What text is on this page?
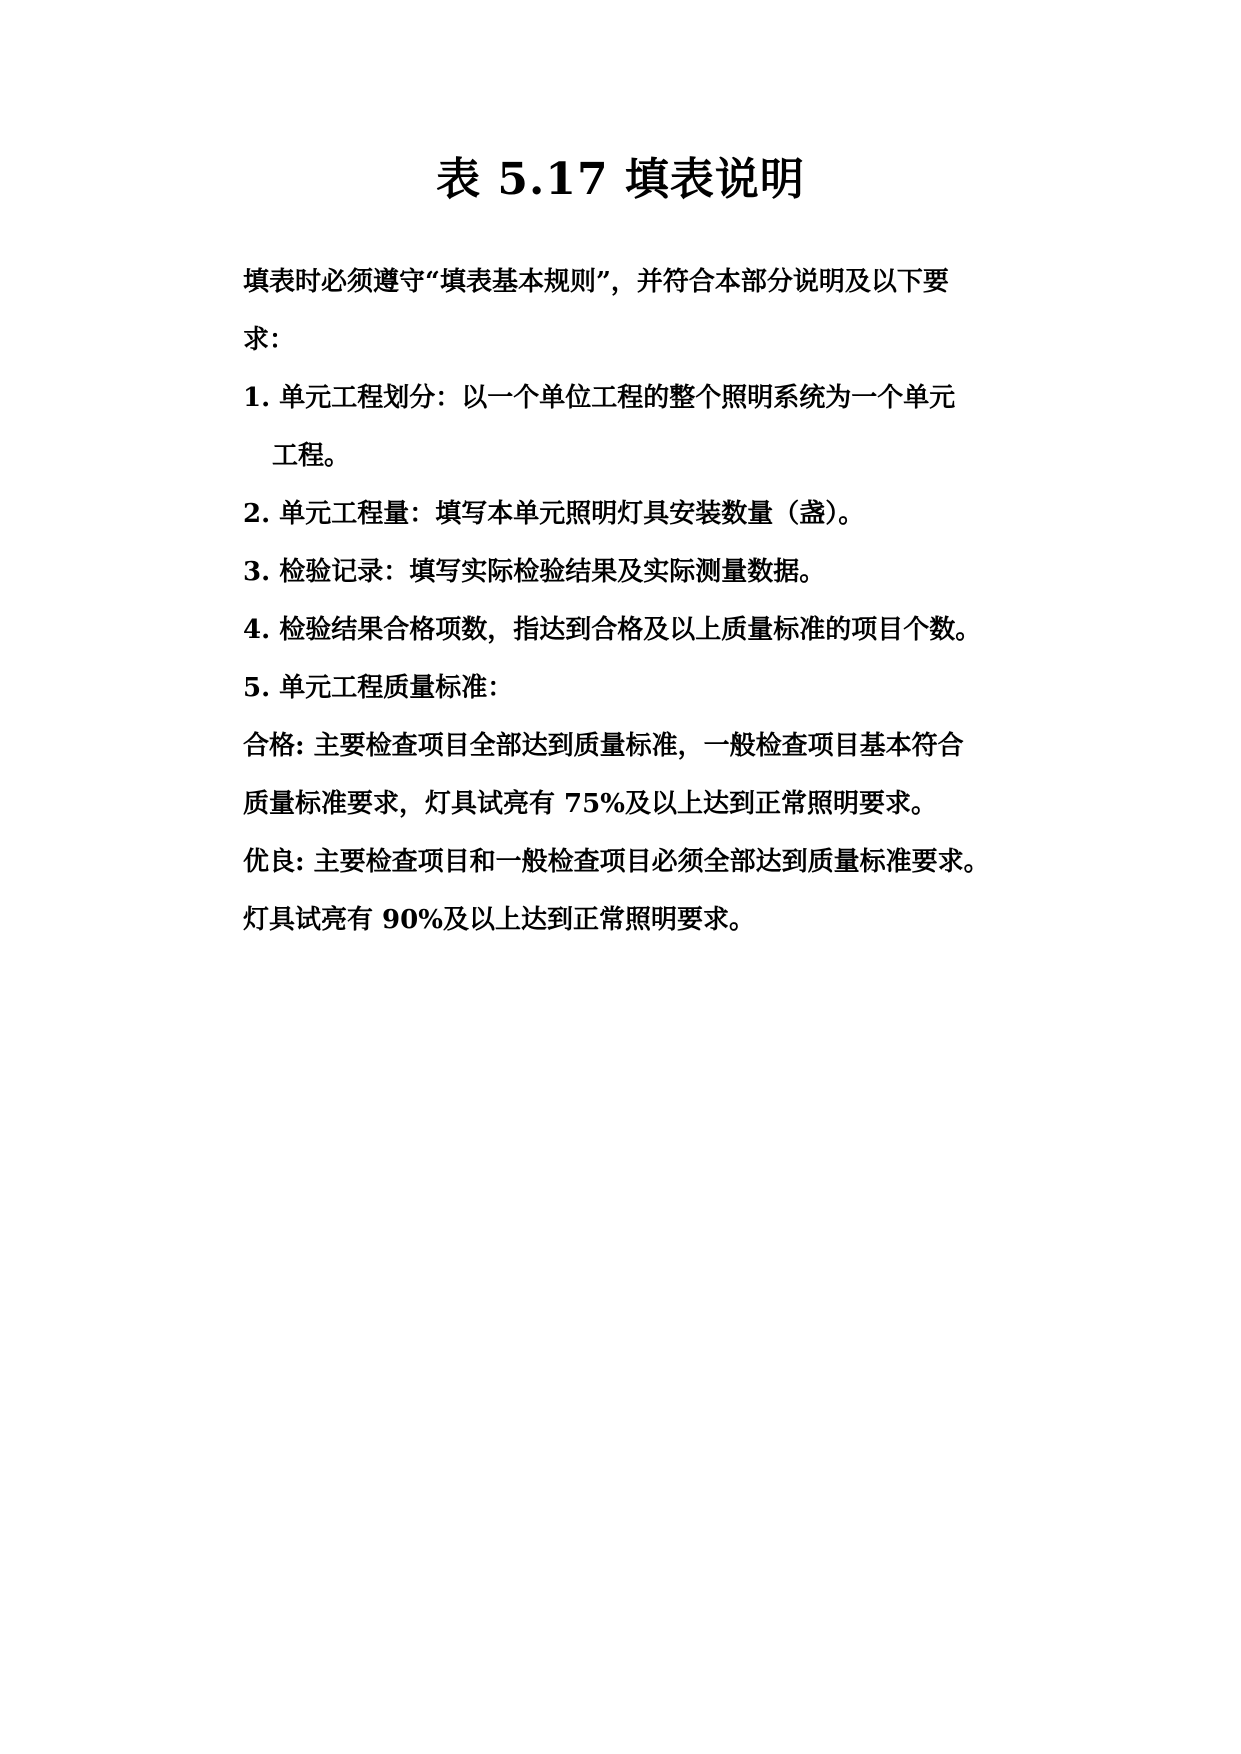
表 5.17 填表说明
填表时必须遵守“填表基本规则”，并符合本部分说明及以下要
求：
1. 单元工程划分：以一个单位工程的整个照明系统为一个单元
工程。
2. 单元工程量：填写本单元照明灯具安装数量（盏）。
3. 检验记录：填写实际检验结果及实际测量数据。
4. 检验结果合格项数，指达到合格及以上质量标准的项目个数。
5. 单元工程质量标准：
合格: 主要检查项目全部达到质量标准，一般检查项目基本符合
质量标准要求，灯具试亮有 75%及以上达到正常照明要求。
优良: 主要检查项目和一般检查项目必须全部达到质量标准要求。
灯具试亮有 90%及以上达到正常照明要求。
